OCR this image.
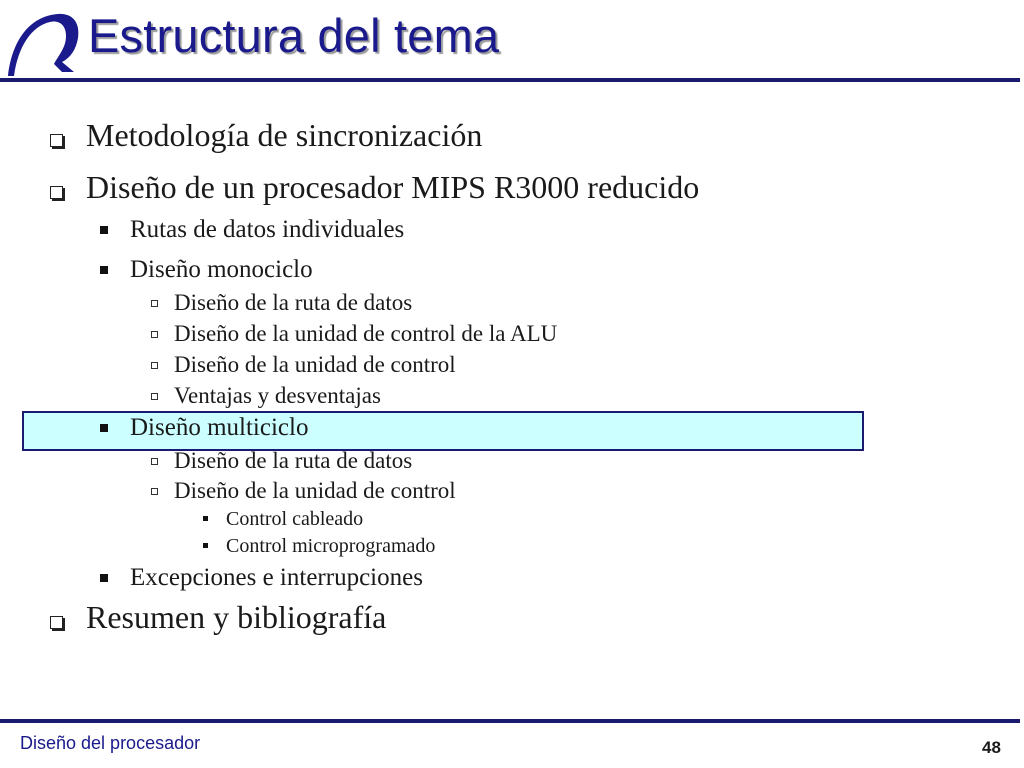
Estructura del tema
Metodología de sincronización
Diseño de un procesador MIPS R3000 reducido
Rutas de datos individuales
Diseño monociclo
Diseño de la ruta de datos
Diseño de la unidad de control de la ALU
Diseño de la unidad de control
Ventajas y desventajas
Diseño multiciclo
Diseño de la ruta de datos
Diseño de la unidad de control
Control cableado
Control microprogramado
Excepciones e interrupciones
Resumen y bibliografía
Diseño del procesador	48
